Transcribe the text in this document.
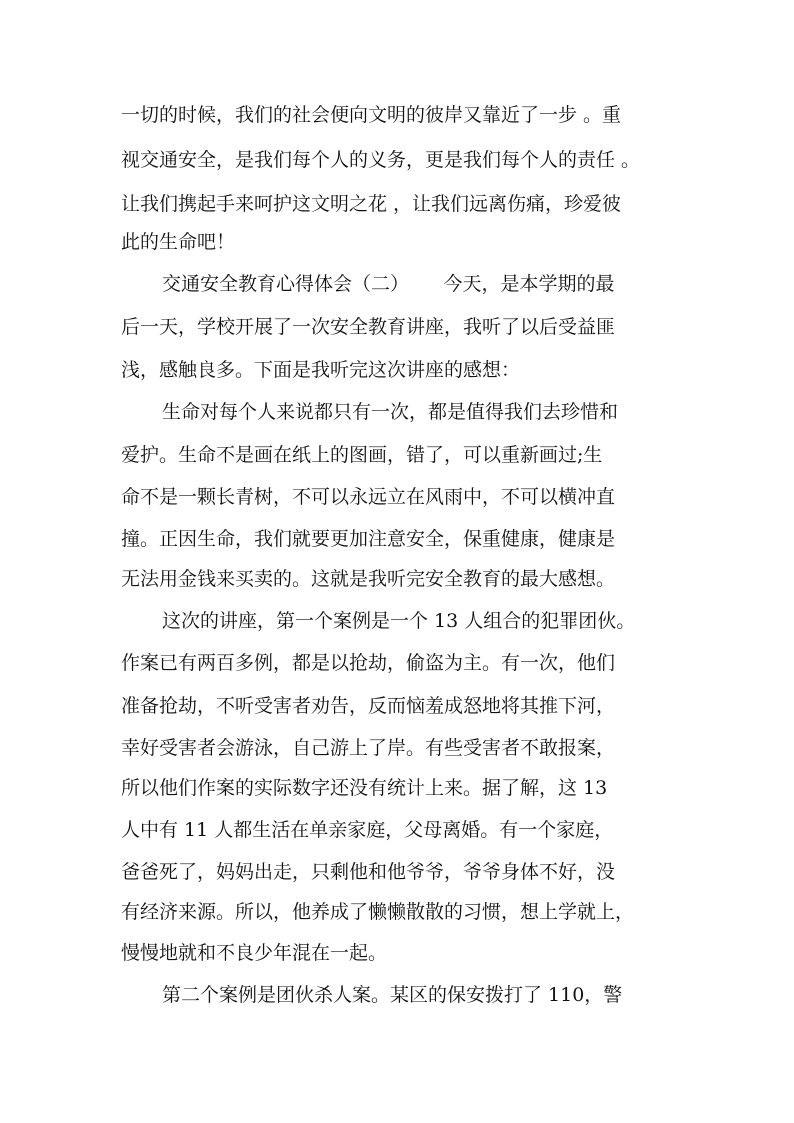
一切的时候，我们的社会便向文明的彼岸又靠近了一步 。重
视交通安全，是我们每个人的义务，更是我们每个人的责任 。
让我们携起手来呵护这文明之花 ，让我们远离伤痛，珍爱彼
此的生命吧！
交通安全教育心得体会（二）　　 今天，是本学期的最
后一天，学校开展了一次安全教育讲座，我听了以后受益匪
浅，感触良多。下面是我听完这次讲座的感想：
生命对每个人来说都只有一次，都是值得我们去珍惜和
爱护。生命不是画在纸上的图画，错了，可以重新画过;生
命不是一颗长青树，不可以永远立在风雨中，不可以横冲直
撞。正因生命，我们就要更加注意安全，保重健康，健康是
无法用金钱来买卖的。这就是我听完安全教育的最大感想。
这次的讲座，第一个案例是一个 13 人组合的犯罪团伙。
作案已有两百多例，都是以抢劫，偷盗为主。有一次，他们
准备抢劫，不听受害者劝告，反而恼羞成怒地将其推下河，
幸好受害者会游泳，自己游上了岸。有些受害者不敢报案，
所以他们作案的实际数字还没有统计上来。据了解，这 13
人中有 11 人都生活在单亲家庭，父母离婚。有一个家庭，
爸爸死了，妈妈出走，只剩他和他爷爷，爷爷身体不好，没
有经济来源。所以，他养成了懒懒散散的习惯，想上学就上，
慢慢地就和不良少年混在一起。
第二个案例是团伙杀人案。某区的保安拨打了 110，警
